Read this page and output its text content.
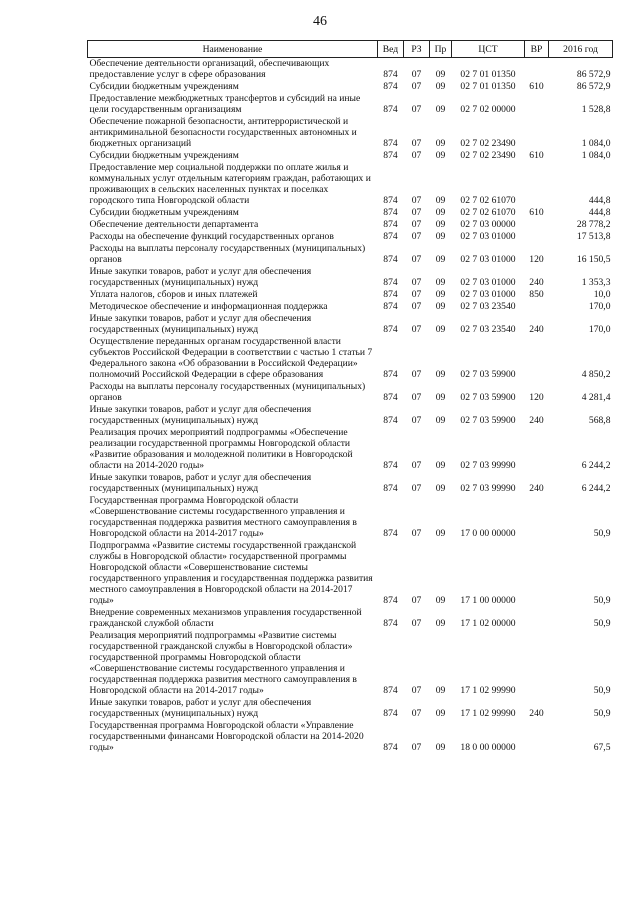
46
Наименование	Вед	РЗ	Пр	ЦСТ	ВР	2016 год
Обеспечение деятельности организаций, обеспечивающих предоставление услуг в сфере образования	874	07	09	02 7 01 01350		86 572,9
Субсидии бюджетным учреждениям	874	07	09	02 7 01 01350	610	86 572,9
Предоставление межбюджетных трансфертов и субсидий на иные цели государственным организациям	874	07	09	02 7 02 00000		1 528,8
Обеспечение пожарной безопасности, антитеррористической и антикриминальной безопасности государственных автономных и бюджетных организаций	874	07	09	02 7 02 23490		1 084,0
Субсидии бюджетным учреждениям	874	07	09	02 7 02 23490	610	1 084,0
Предоставление мер социальной поддержки по оплате жилья и коммунальных услуг отдельным категориям граждан, работающих и проживающих в сельских населенных пунктах и поселках городского типа Новгородской области	874	07	09	02 7 02 61070		444,8
Субсидии бюджетным учреждениям	874	07	09	02 7 02 61070	610	444,8
Обеспечение деятельности департамента	874	07	09	02 7 03 00000		28 778,2
Расходы на обеспечение функций государственных органов	874	07	09	02 7 03 01000		17 513,8
Расходы на выплаты персоналу государственных (муниципальных) органов	874	07	09	02 7 03 01000	120	16 150,5
Иные закупки товаров, работ и услуг для обеспечения государственных (муниципальных) нужд	874	07	09	02 7 03 01000	240	1 353,3
Уплата налогов, сборов и иных платежей	874	07	09	02 7 03 01000	850	10,0
Методическое обеспечение и информационная поддержка	874	07	09	02 7 03 23540		170,0
Иные закупки товаров, работ и услуг для обеспечения государственных (муниципальных) нужд	874	07	09	02 7 03 23540	240	170,0
Осуществление переданных органам государственной власти субъектов Российской Федерации в соответствии с частью 1 статьи 7 Федерального закона «Об образовании в Российской Федерации» полномочий Российской Федерации в сфере образования	874	07	09	02 7 03 59900		4 850,2
Расходы на выплаты персоналу государственных (муниципальных) органов	874	07	09	02 7 03 59900	120	4 281,4
Иные закупки товаров, работ и услуг для обеспечения государственных (муниципальных) нужд	874	07	09	02 7 03 59900	240	568,8
Реализация прочих мероприятий подпрограммы «Обеспечение реализации государственной программы Новгородской области «Развитие образования и молодежной политики в Новгородской области на 2014-2020 годы»	874	07	09	02 7 03 99990		6 244,2
Иные закупки товаров, работ и услуг для обеспечения государственных (муниципальных) нужд	874	07	09	02 7 03 99990	240	6 244,2
Государственная программа Новгородской области «Совершенствование системы государственного управления и государственная поддержка развития местного самоуправления в Новгородской области на 2014-2017 годы»	874	07	09	17 0 00 00000		50,9
Подпрограмма «Развитие системы государственной гражданской службы в Новгородской области» государственной программы Новгородской области «Совершенствование системы государственного управления и государственная поддержка развития местного самоуправления в Новгородской области на 2014-2017 годы»	874	07	09	17 1 00 00000		50,9
Внедрение современных механизмов управления государственной гражданской службой области	874	07	09	17 1 02 00000		50,9
Реализация мероприятий подпрограммы «Развитие системы государственной гражданской службы в Новгородской области» государственной программы Новгородской области «Совершенствование системы государственного управления и государственная поддержка развития местного самоуправления в Новгородской области на 2014-2017 годы»	874	07	09	17 1 02 99990		50,9
Иные закупки товаров, работ и услуг для обеспечения государственных (муниципальных) нужд	874	07	09	17 1 02 99990	240	50,9
Государственная программа Новгородской области «Управление государственными финансами Новгородской области на 2014-2020 годы»	874	07	09	18 0 00 00000		67,5
